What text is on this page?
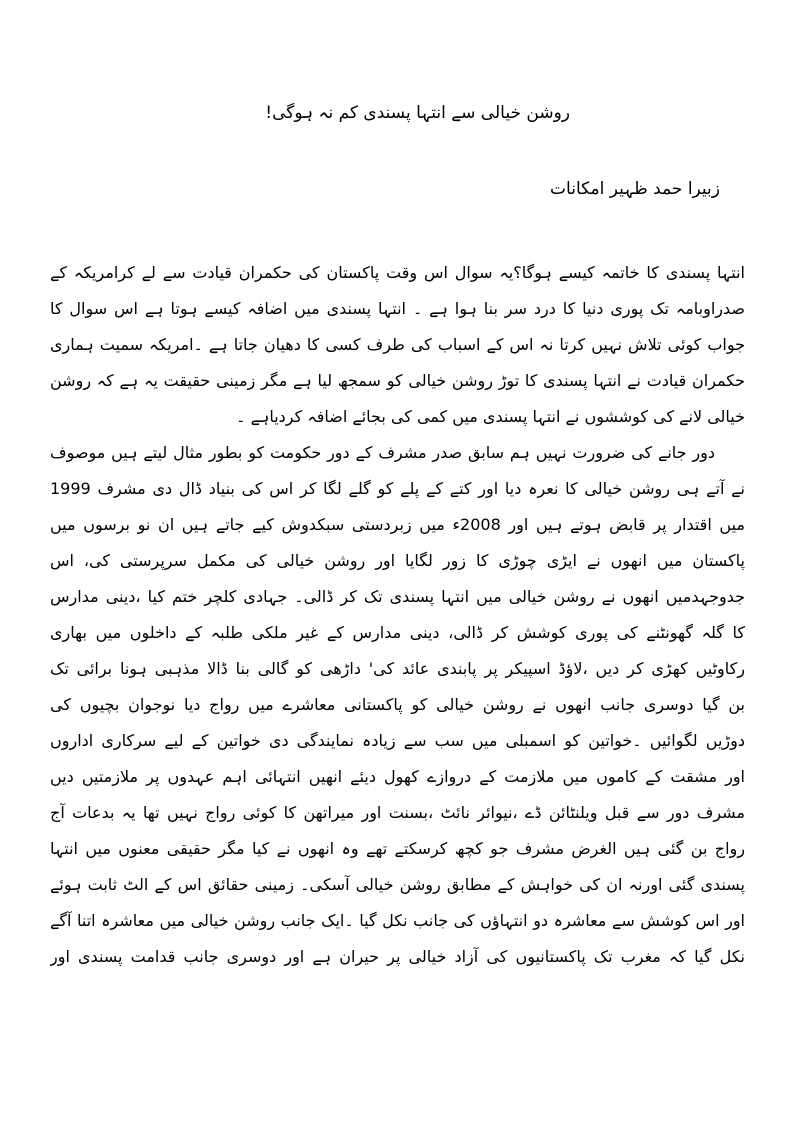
روشن خیالی سے انتہا پسندی کم نہ ہوگی!
زبیرا حمد ظہیر امکانات
انتہا پسندی کا خاتمہ کیسے ہوگا؟یہ سوال اس وقت پاکستان کی حکمران قیادت سے لے کرامریکہ کے
صدراوبامہ تک پوری دنیا کا درد سر بنا ہوا ہے ۔ انتہا پسندی میں اضافہ کیسے ہوتا ہے اس سوال کا
جواب کوئی تلاش نہیں کرتا نہ اس کے اسباب کی طرف کسی کا دھیان جاتا ہے ۔امریکہ سمیت ہماری
حکمران قیادت نے انتہا پسندی کا توڑ روشن خیالی کو سمجھ لیا ہے مگر زمینی حقیقت یہ ہے کہ روشن
خیالی لانے کی کوششوں نے انتہا پسندی میں کمی کی بجائے اضافہ کردیاہے ۔
دور جانے کی ضرورت نہیں ہم سابق صدر مشرف کے دور حکومت کو بطور مثال لیتے ہیں موصوف
نے آتے ہی روشن خیالی کا نعرہ دیا اور کتے کے پلے کو گلے لگا کر اس کی بنیاد ڈال دی مشرف 1999
میں اقتدار پر قابض ہوتے ہیں اور 2008ء میں زبردستی سبکدوش کیے جاتے ہیں ان نو برسوں میں
پاکستان میں انھوں نے ایڑی چوڑی کا زور لگایا اور روشن خیالی کی مکمل سرپرستی کی، اس
جدوجہدمیں انھوں نے روشن خیالی میں انتہا پسندی تک کر ڈالی۔ جہادی کلچر ختم کیا ،دینی مدارس
کا گلہ گھونٹنے کی پوری کوشش کر ڈالی، دینی مدارس کے غیر ملکی طلبہ کے داخلوں میں بھاری
رکاوٹیں کھڑی کر دیں ،لاؤڈ اسپیکر پر پابندی عائد کی' داڑھی کو گالی بنا ڈالا مذہبی ہونا برائی تک
بن گیا دوسری جانب انھوں نے روشن خیالی کو پاکستانی معاشرے میں رواج دیا نوجوان بچیوں کی
دوڑیں لگوائیں ۔خواتین کو اسمبلی میں سب سے زیادہ نمایندگی دی خواتین کے لیے سرکاری اداروں
اور مشقت کے کاموں میں ملازمت کے دروازے کھول دیئے انھیں انتہائی اہم عہدوں پر ملازمتیں دیں
مشرف دور سے قبل ویلنٹائن ڈے ،نیوائر نائٹ ،بسنت اور میراتھن کا کوئی رواج نہیں تھا یہ بدعات آج
رواج بن گئی ہیں الغرض مشرف جو کچھ کرسکتے تھے وہ انھوں نے کیا مگر حقیقی معنوں میں انتہا
پسندی گئی اورنہ ان کی خواہش کے مطابق روشن خیالی آسکی۔ زمینی حقائق اس کے الٹ ثابت ہوئے
اور اس کوشش سے معاشرہ دو انتہاؤں کی جانب نکل گیا ۔ایک جانب روشن خیالی میں معاشرہ اتنا آگے
نکل گیا کہ مغرب تک پاکستانیوں کی آزاد خیالی پر حیران ہے اور دوسری جانب قدامت پسندی اور
